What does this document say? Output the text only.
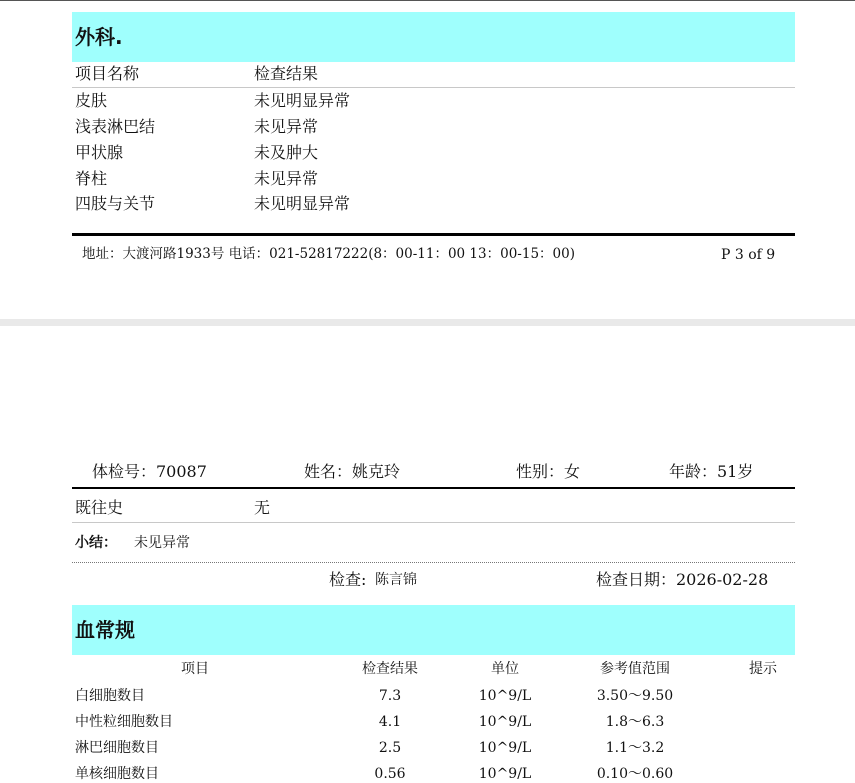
外科.
项目名称	检查结果
皮肤	未见明显异常
浅表淋巴结	未见异常
甲状腺	未及肿大
脊柱	未见异常
四肢与关节	未见明显异常
地址：大渡河路1933号 电话：021-52817222(8：00-11：00 13：00-15：00)	P 3 of 9
体检号：70087	姓名：姚克玲	性别：女	年龄：51岁
既往史	无
小结： 未见异常
检查: 陈言锦	检查日期：2026-02-28
血常规
项目	检查结果	单位	参考值范围	提示
白细胞数目	7.3	10^9/L	3.50～9.50
中性粒细胞数目	4.1	10^9/L	1.8～6.3
淋巴细胞数目	2.5	10^9/L	1.1～3.2
单核细胞数目	0.56	10^9/L	0.10～0.60
